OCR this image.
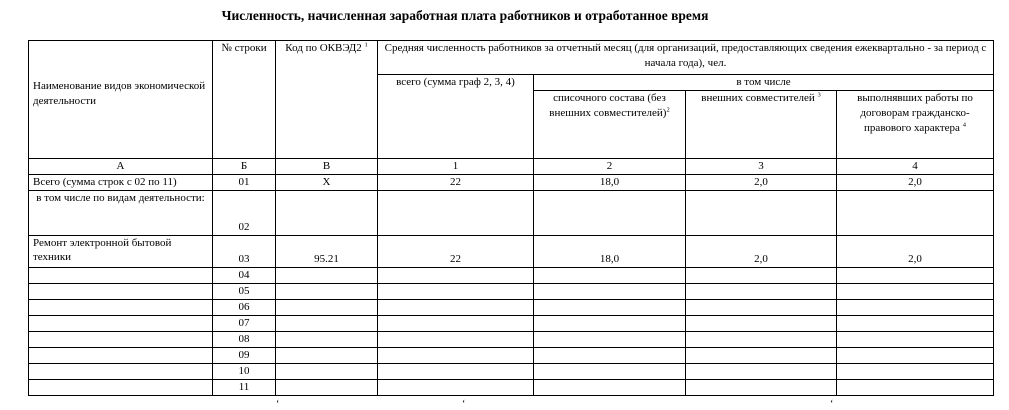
Численность, начисленная заработная плата работников и отработанное время
Наименование видов экономической деятельности	№ строки	Код по ОКВЭД2 $^1$	Средняя численность работников за отчетный месяц (для организаций, предоставляющих сведения ежеквартально - за период с начала года), чел.			
			всего (сумма граф 2, 3, 4)	в том числе		
				списочного состава (без внешних совместителей)$^2$	внешних совместителей $^3$	выполнявших работы по договорам гражданско-правового характера $^4$
А	Б	В	1	2	3	4
Всего (сумма строк с 02 по 11)	01	X	22	18,0	2,0	2,0
в том числе по видам деятельности:	02					
Ремонт электронной бытовой техники	03	95.21	22	18,0	2,0	2,0
	04					
	05					
	06					
	07					
	08					
	09					
	10					
	11					
‘	‘	‘
